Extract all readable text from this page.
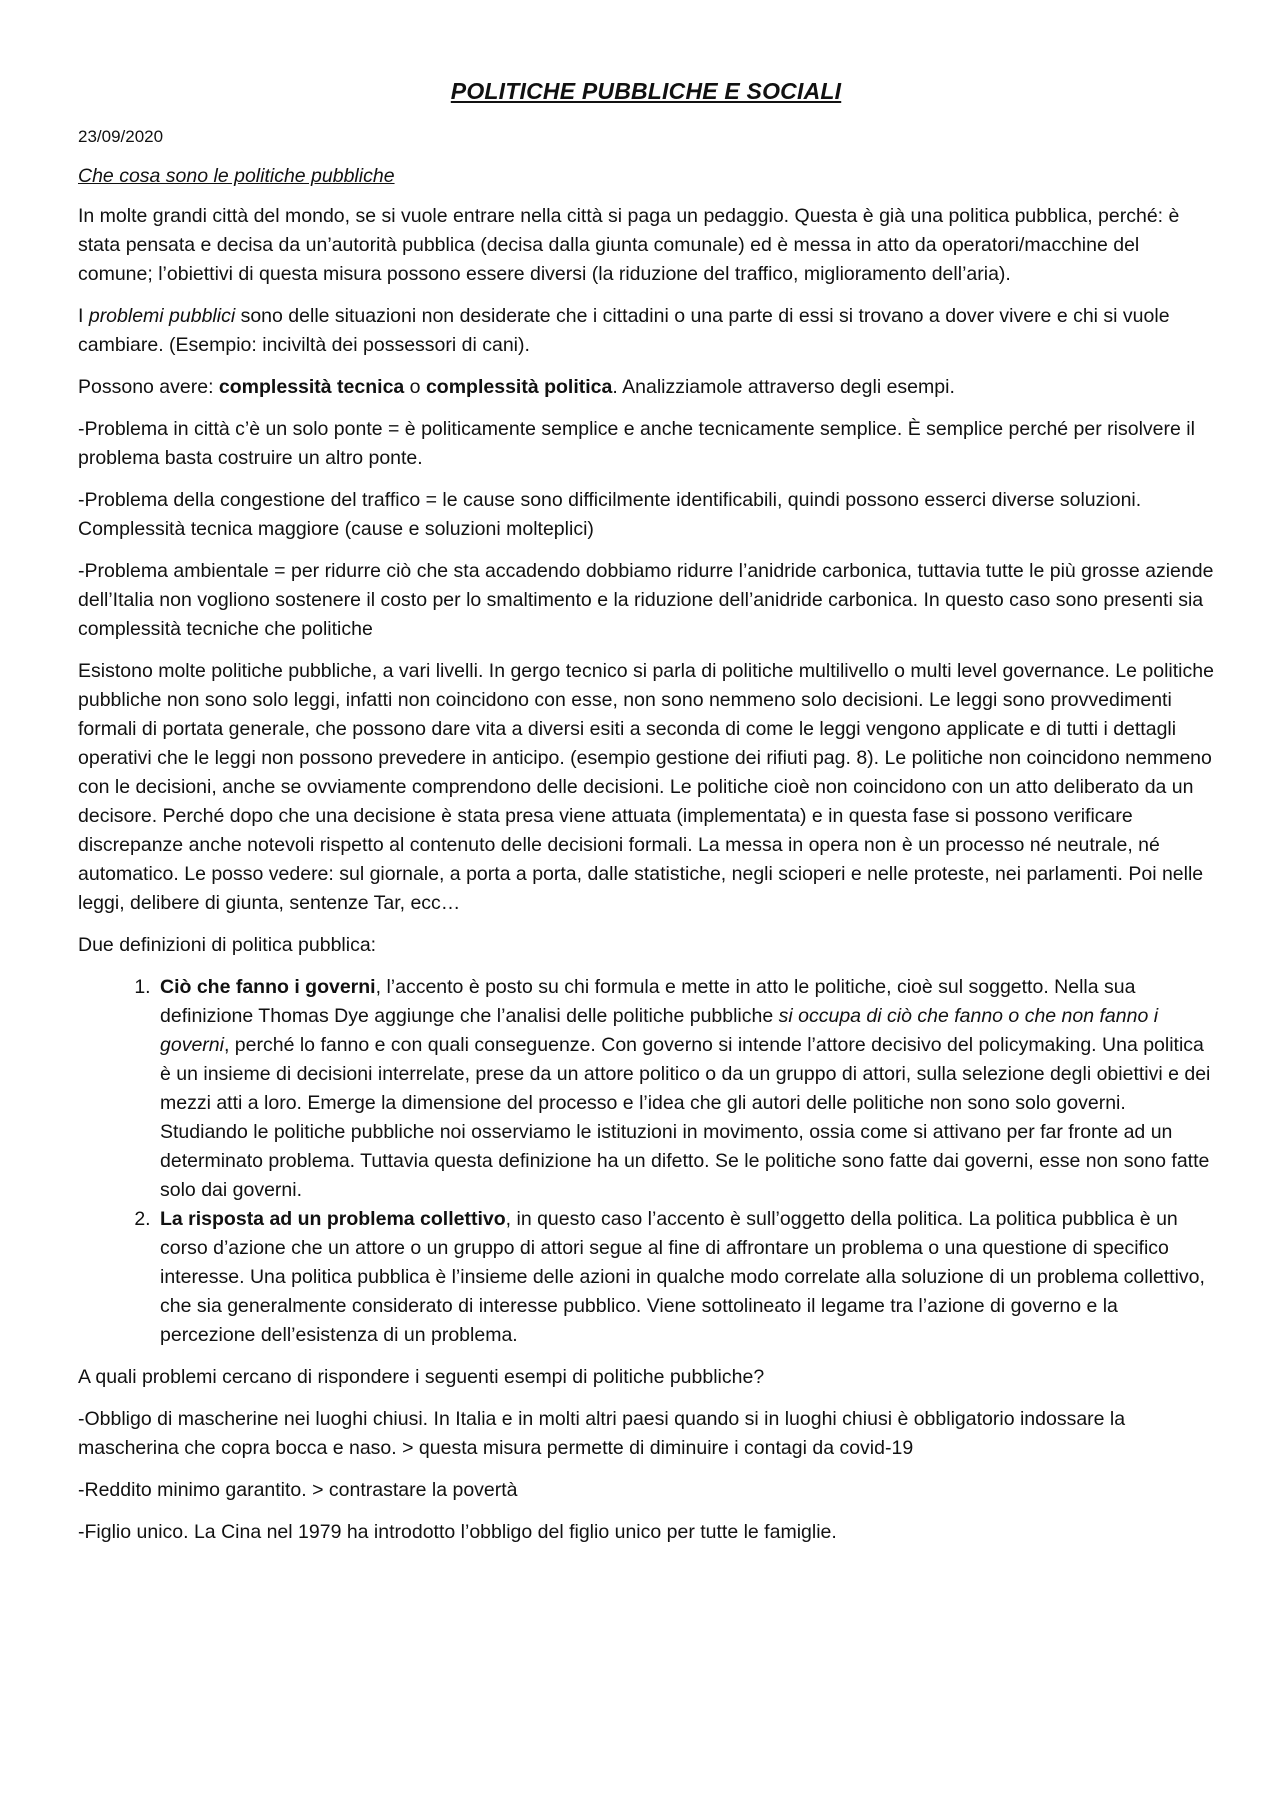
POLITICHE PUBBLICHE E SOCIALI
23/09/2020
Che cosa sono le politiche pubbliche

In molte grandi città del mondo, se si vuole entrare nella città si paga un pedaggio. Questa è già una politica pubblica, perché: è stata pensata e decisa da un’autorità pubblica (decisa dalla giunta comunale) ed è messa in atto da operatori/macchine del comune; l’obiettivi di questa misura possono essere diversi (la riduzione del traffico, miglioramento dell’aria).

I problemi pubblici sono delle situazioni non desiderate che i cittadini o una parte di essi si trovano a dover vivere e chi si vuole cambiare. (Esempio: inciviltà dei possessori di cani).

Possono avere: complessità tecnica o complessità politica. Analizziamole attraverso degli esempi.

-Problema in città c’è un solo ponte = è politicamente semplice e anche tecnicamente semplice. È semplice perché per risolvere il problema basta costruire un altro ponte.

-Problema della congestione del traffico = le cause sono difficilmente identificabili, quindi possono esserci diverse soluzioni. Complessità tecnica maggiore (cause e soluzioni molteplici)

-Problema ambientale = per ridurre ciò che sta accadendo dobbiamo ridurre l’anidride carbonica, tuttavia tutte le più grosse aziende dell’Italia non vogliono sostenere il costo per lo smaltimento e la riduzione dell’anidride carbonica. In questo caso sono presenti sia complessità tecniche che politiche

Esistono molte politiche pubbliche, a vari livelli. In gergo tecnico si parla di politiche multilivello o multi level governance. Le politiche pubbliche non sono solo leggi, infatti non coincidono con esse, non sono nemmeno solo decisioni. Le leggi sono provvedimenti formali di portata generale, che possono dare vita a diversi esiti a seconda di come le leggi vengono applicate e di tutti i dettagli operativi che le leggi non possono prevedere in anticipo. (esempio gestione dei rifiuti pag. 8). Le politiche non coincidono nemmeno con le decisioni, anche se ovviamente comprendono delle decisioni. Le politiche cioè non coincidono con un atto deliberato da un decisore. Perché dopo che una decisione è stata presa viene attuata (implementata) e in questa fase si possono verificare discrepanze anche notevoli rispetto al contenuto delle decisioni formali. La messa in opera non è un processo né neutrale, né automatico. Le posso vedere: sul giornale, a porta a porta, dalle statistiche, negli scioperi e nelle proteste, nei parlamenti. Poi nelle leggi, delibere di giunta, sentenze Tar, ecc…

Due definizioni di politica pubblica:

1. Ciò che fanno i governi, l’accento è posto su chi formula e mette in atto le politiche, cioè sul soggetto. Nella sua definizione Thomas Dye aggiunge che l’analisi delle politiche pubbliche si occupa di ciò che fanno o che non fanno i governi, perché lo fanno e con quali conseguenze. Con governo si intende l’attore decisivo del policymaking. Una politica è un insieme di decisioni interrelate, prese da un attore politico o da un gruppo di attori, sulla selezione degli obiettivi e dei mezzi atti a loro. Emerge la dimensione del processo e l’idea che gli autori delle politiche non sono solo governi. Studiando le politiche pubbliche noi osserviamo le istituzioni in movimento, ossia come si attivano per far fronte ad un determinato problema. Tuttavia questa definizione ha un difetto. Se le politiche sono fatte dai governi, esse non sono fatte solo dai governi.
2. La risposta ad un problema collettivo, in questo caso l’accento è sull’oggetto della politica. La politica pubblica è un corso d’azione che un attore o un gruppo di attori segue al fine di affrontare un problema o una questione di specifico interesse. Una politica pubblica è l’insieme delle azioni in qualche modo correlate alla soluzione di un problema collettivo, che sia generalmente considerato di interesse pubblico. Viene sottolineato il legame tra l’azione di governo e la percezione dell’esistenza di un problema.

A quali problemi cercano di rispondere i seguenti esempi di politiche pubbliche?

-Obbligo di mascherine nei luoghi chiusi. In Italia e in molti altri paesi quando si in luoghi chiusi è obbligatorio indossare la mascherina che copra bocca e naso. > questa misura permette di diminuire i contagi da covid-19

-Reddito minimo garantito. > contrastare la povertà

-Figlio unico. La Cina nel 1979 ha introdotto l’obbligo del figlio unico per tutte le famiglie.
